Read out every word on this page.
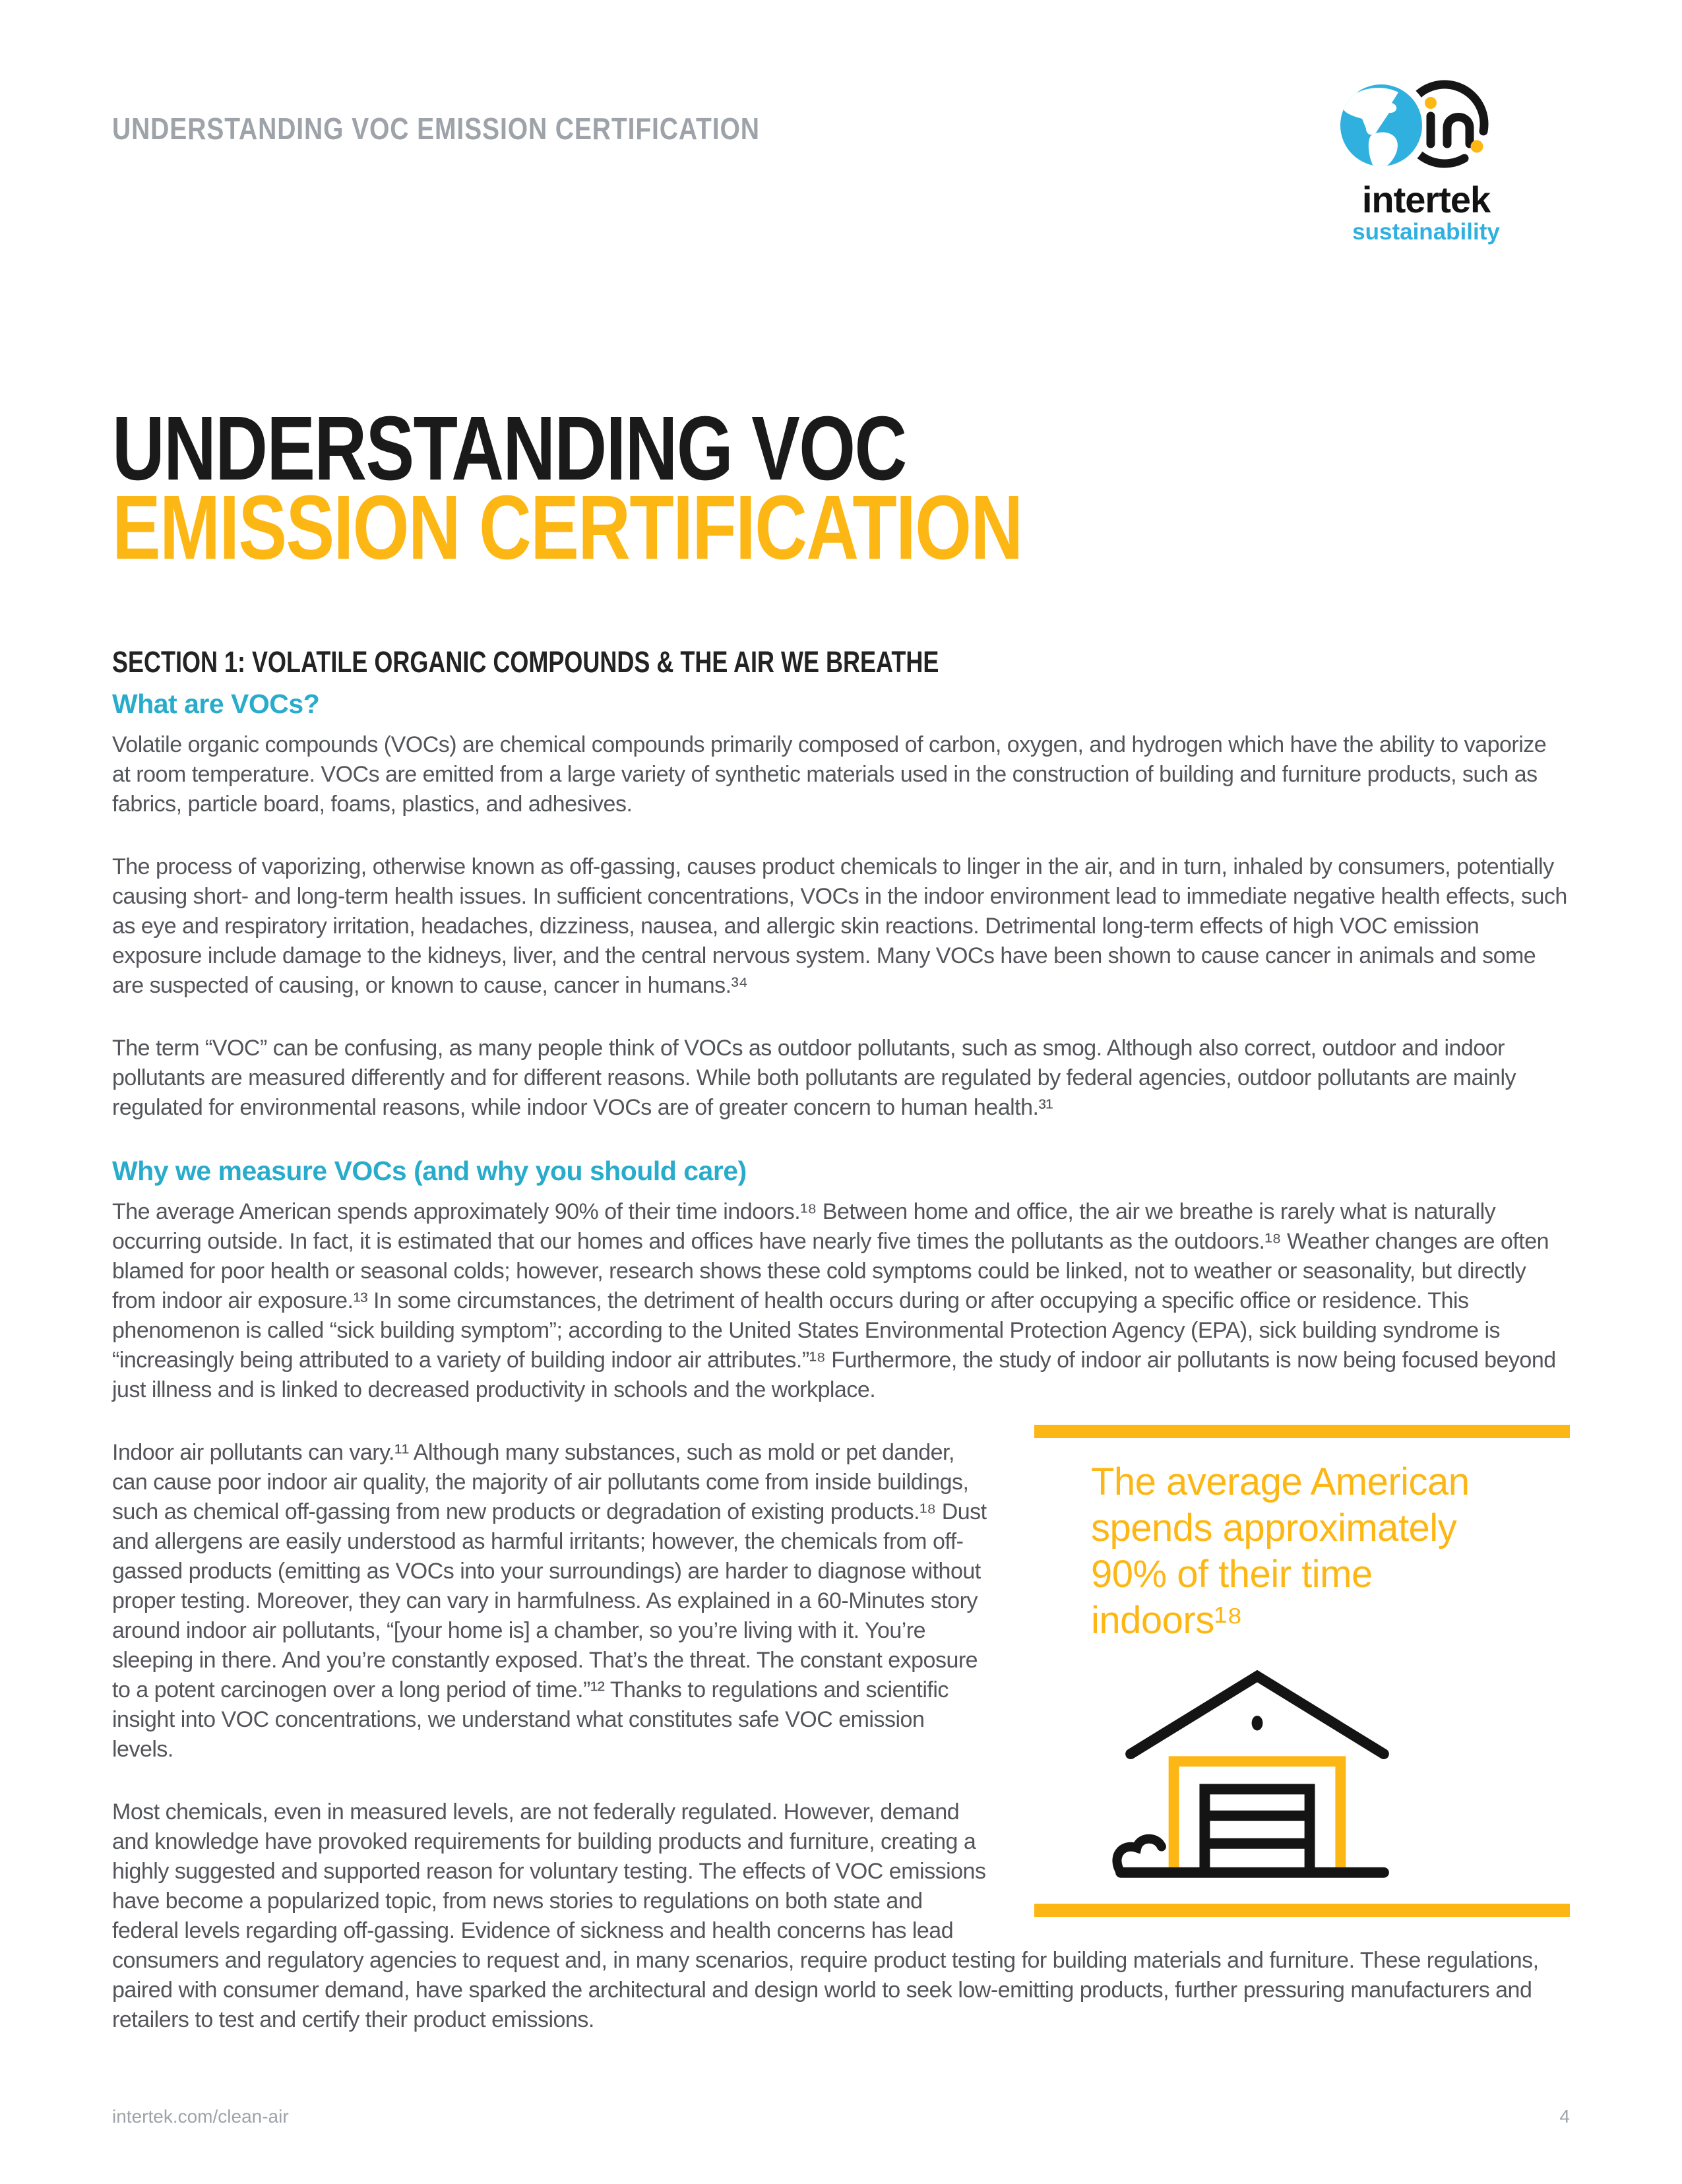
UNDERSTANDING VOC EMISSION CERTIFICATION
intertek
sustainability
UNDERSTANDING VOC
EMISSION CERTIFICATION
SECTION 1: VOLATILE ORGANIC COMPOUNDS & THE AIR WE BREATHE
What are VOCs?

Volatile organic compounds (VOCs) are chemical compounds primarily composed of carbon, oxygen, and hydrogen which have the ability to vaporize at room temperature. VOCs are emitted from a large variety of synthetic materials used in the construction of building and furniture products, such as fabrics, particle board, foams, plastics, and adhesives.

The process of vaporizing, otherwise known as off-gassing, causes product chemicals to linger in the air, and in turn, inhaled by consumers, potentially causing short- and long-term health issues. In sufficient concentrations, VOCs in the indoor environment lead to immediate negative health effects, such as eye and respiratory irritation, headaches, dizziness, nausea, and allergic skin reactions. Detrimental long-term effects of high VOC emission exposure include damage to the kidneys, liver, and the central nervous system. Many VOCs have been shown to cause cancer in animals and some are suspected of causing, or known to cause, cancer in humans.³⁴

The term “VOC” can be confusing, as many people think of VOCs as outdoor pollutants, such as smog. Although also correct, outdoor and indoor pollutants are measured differently and for different reasons. While both pollutants are regulated by federal agencies, outdoor pollutants are mainly regulated for environmental reasons, while indoor VOCs are of greater concern to human health.³¹

Why we measure VOCs (and why you should care)

The average American spends approximately 90% of their time indoors.¹⁸ Between home and office, the air we breathe is rarely what is naturally occurring outside. In fact, it is estimated that our homes and offices have nearly five times the pollutants as the outdoors.¹⁸ Weather changes are often blamed for poor health or seasonal colds; however, research shows these cold symptoms could be linked, not to weather or seasonality, but directly from indoor air exposure.¹³ In some circumstances, the detriment of health occurs during or after occupying a specific office or residence. This phenomenon is called “sick building symptom”; according to the United States Environmental Protection Agency (EPA), sick building syndrome is “increasingly being attributed to a variety of building indoor air attributes.”¹⁸ Furthermore, the study of indoor air pollutants is now being focused beyond just illness and is linked to decreased productivity in schools and the workplace.

The average American spends approximately 90% of their time indoors¹⁸

Indoor air pollutants can vary.¹¹ Although many substances, such as mold or pet dander, can cause poor indoor air quality, the majority of air pollutants come from inside buildings, such as chemical off-gassing from new products or degradation of existing products.¹⁸ Dust and allergens are easily understood as harmful irritants; however, the chemicals from off-gassed products (emitting as VOCs into your surroundings) are harder to diagnose without proper testing. Moreover, they can vary in harmfulness. As explained in a 60-Minutes story around indoor air pollutants, “[your home is] a chamber, so you’re living with it. You’re sleeping in there. And you’re constantly exposed. That’s the threat. The constant exposure to a potent carcinogen over a long period of time.”¹² Thanks to regulations and scientific insight into VOC concentrations, we understand what constitutes safe VOC emission levels.

Most chemicals, even in measured levels, are not federally regulated. However, demand and knowledge have provoked requirements for building products and furniture, creating a highly suggested and supported reason for voluntary testing. The effects of VOC emissions have become a popularized topic, from news stories to regulations on both state and federal levels regarding off-gassing. Evidence of sickness and health concerns has lead consumers and regulatory agencies to request and, in many scenarios, require product testing for building materials and furniture. These regulations, paired with consumer demand, have sparked the architectural and design world to seek low-emitting products, further pressuring manufacturers and retailers to test and certify their product emissions.

intertek.com/clean-air	4
